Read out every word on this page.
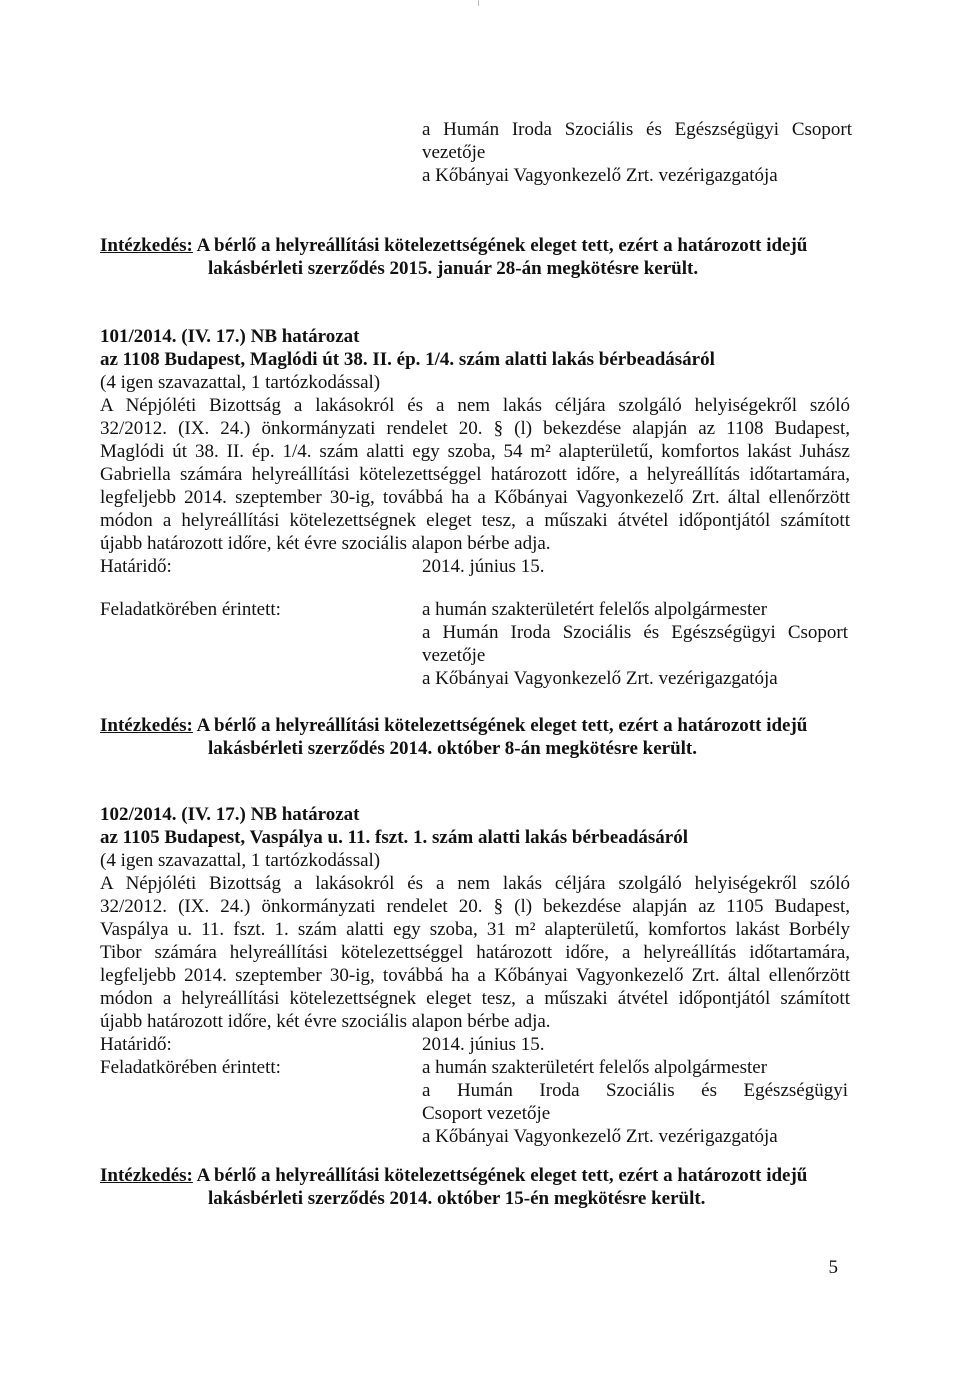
a Humán Iroda Szociális és Egészségügyi Csoport
vezetője
a Kőbányai Vagyonkezelő Zrt. vezérigazgatója
Intézkedés: A bérlő a helyreállítási kötelezettségének eleget tett, ezért a határozott idejű
lakásbérleti szerződés 2015. január 28-án megkötésre került.
101/2014. (IV. 17.) NB határozat
az 1108 Budapest, Maglódi út 38. II. ép. 1/4. szám alatti lakás bérbeadásáról
(4 igen szavazattal, 1 tartózkodással)
A Népjóléti Bizottság a lakásokról és a nem lakás céljára szolgáló helyiségekről szóló
32/2012. (IX. 24.) önkormányzati rendelet 20. § (l) bekezdése alapján az 1108 Budapest,
Maglódi út 38. II. ép. 1/4. szám alatti egy szoba, 54 m² alapterületű, komfortos lakást Juhász
Gabriella számára helyreállítási kötelezettséggel határozott időre, a helyreállítás időtartamára,
legfeljebb 2014. szeptember 30-ig, továbbá ha a Kőbányai Vagyonkezelő Zrt. által ellenőrzött
módon a helyreállítási kötelezettségnek eleget tesz, a műszaki átvétel időpontjától számított
újabb határozott időre, két évre szociális alapon bérbe adja.
Határidő:	2014. június 15.
Feladatkörében érintett:	a humán szakterületért felelős alpolgármester
a Humán Iroda Szociális és Egészségügyi Csoport
vezetője
a Kőbányai Vagyonkezelő Zrt. vezérigazgatója
Intézkedés: A bérlő a helyreállítási kötelezettségének eleget tett, ezért a határozott idejű
lakásbérleti szerződés 2014. október 8-án megkötésre került.
102/2014. (IV. 17.) NB határozat
az 1105 Budapest, Vaspálya u. 11. fszt. 1. szám alatti lakás bérbeadásáról
(4 igen szavazattal, 1 tartózkodással)
A Népjóléti Bizottság a lakásokról és a nem lakás céljára szolgáló helyiségekről szóló
32/2012. (IX. 24.) önkormányzati rendelet 20. § (l) bekezdése alapján az 1105 Budapest,
Vaspálya u. 11. fszt. 1. szám alatti egy szoba, 31 m² alapterületű, komfortos lakást Borbély
Tibor számára helyreállítási kötelezettséggel határozott időre, a helyreállítás időtartamára,
legfeljebb 2014. szeptember 30-ig, továbbá ha a Kőbányai Vagyonkezelő Zrt. által ellenőrzött
módon a helyreállítási kötelezettségnek eleget tesz, a műszaki átvétel időpontjától számított
újabb határozott időre, két évre szociális alapon bérbe adja.
Határidő:	2014. június 15.
Feladatkörében érintett:	a humán szakterületért felelős alpolgármester
a Humán Iroda Szociális és Egészségügyi
Csoport vezetője
a Kőbányai Vagyonkezelő Zrt. vezérigazgatója
Intézkedés: A bérlő a helyreállítási kötelezettségének eleget tett, ezért a határozott idejű
lakásbérleti szerződés 2014. október 15-én megkötésre került.
5
